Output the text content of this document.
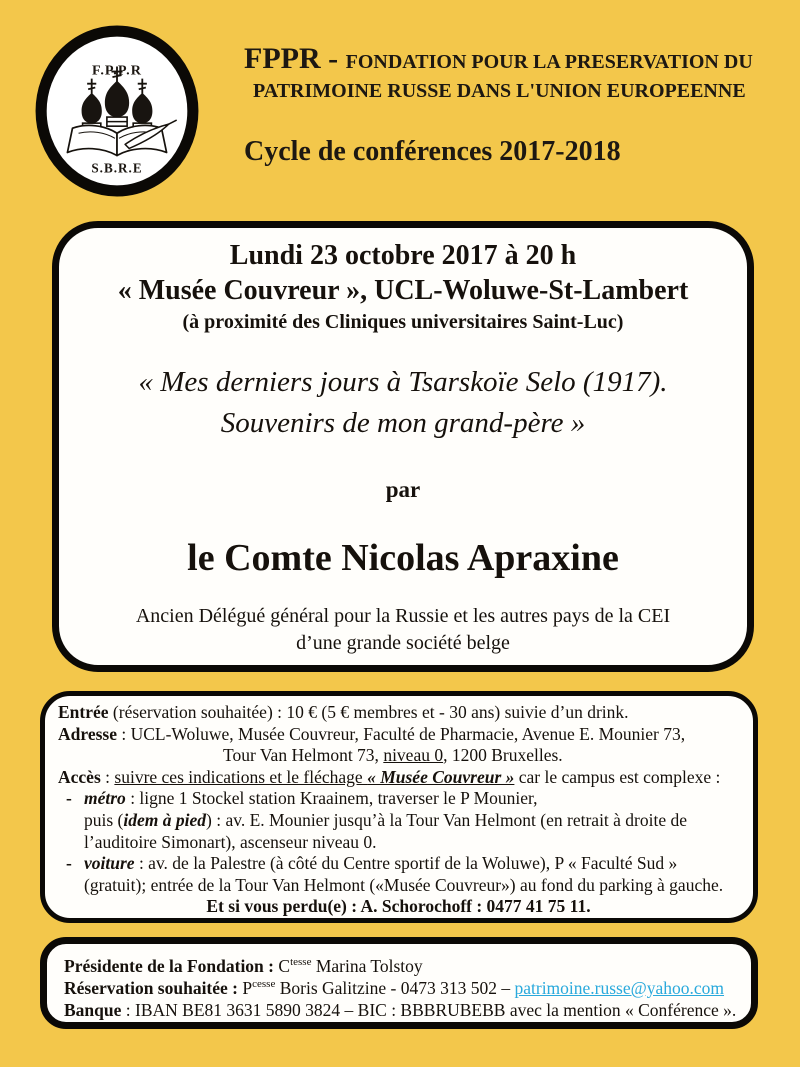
F.P.P.R
S.B.R.E
FPPR - FONDATION POUR LA PRESERVATION DU
PATRIMOINE RUSSE DANS L'UNION EUROPEENNE
Cycle de conférences 2017-2018
Lundi 23 octobre 2017 à 20 h
« Musée Couvreur », UCL-Woluwe-St-Lambert
(à proximité des Cliniques universitaires Saint-Luc)
« Mes derniers jours à Tsarskoïe Selo (1917).
Souvenirs de mon grand-père »
par
le Comte Nicolas Apraxine
Ancien Délégué général pour la Russie et les autres pays de la CEI
d’une grande société belge
Entrée (réservation souhaitée) : 10 € (5 € membres et - 30 ans) suivie d’un drink.
Adresse : UCL-Woluwe, Musée Couvreur, Faculté de Pharmacie, Avenue E. Mounier 73,
Tour Van Helmont 73, niveau 0, 1200 Bruxelles.
Accès : suivre ces indications et le fléchage « Musée Couvreur » car le campus est complexe :
- métro : ligne 1 Stockel station Kraainem, traverser le P Mounier,
puis (idem à pied) : av. E. Mounier jusqu’à la Tour Van Helmont (en retrait à droite de
l’auditoire Simonart), ascenseur niveau 0.
- voiture : av. de la Palestre (à côté du Centre sportif de la Woluwe), P « Faculté Sud »
(gratuit); entrée de la Tour Van Helmont («Musée Couvreur») au fond du parking à gauche.
Et si vous perdu(e) : A. Schorochoff : 0477 41 75 11.
Présidente de la Fondation : $C^{tesse}$ Marina Tolstoy
Réservation souhaitée : $P^{cesse}$ Boris Galitzine - 0473 313 502 – patrimoine.russe@yahoo.com
Banque : IBAN BE81 3631 5890 3824 – BIC : BBBRUBEBB avec la mention « Conférence ».
